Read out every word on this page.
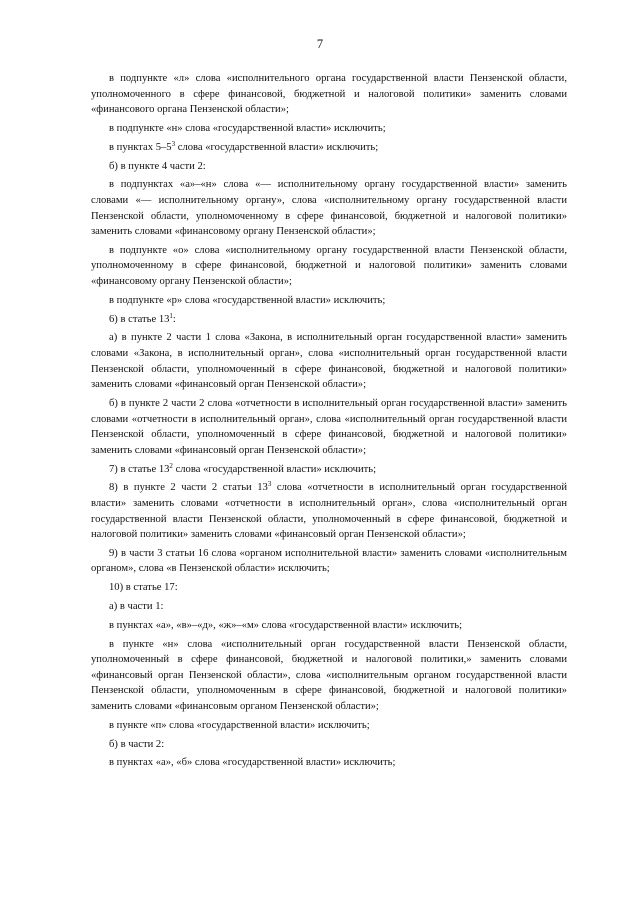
7

в подпункте «л» слова «исполнительного органа государственной власти Пензенской области, уполномоченного в сфере финансовой, бюджетной и налоговой политики» заменить словами «финансового органа Пензенской области»;

в подпункте «н» слова «государственной власти» исключить;

в пунктах $5-5^3$ слова «государственной власти» исключить;

б) в пункте 4 части 2:

в подпунктах «а»–«н» слова «— исполнительному органу государственной власти» заменить словами «— исполнительному органу», слова «исполнительному органу государственной власти Пензенской области, уполномоченному в сфере финансовой, бюджетной и налоговой политики» заменить словами «финансовому органу Пензенской области»;

в подпункте «о» слова «исполнительному органу государственной власти Пензенской области, уполномоченному в сфере финансовой, бюджетной и налоговой политики» заменить словами «финансовому органу Пензенской области»;

в подпункте «р» слова «государственной власти» исключить;

6) в статье $13^1$:

а) в пункте 2 части 1 слова «Закона, в исполнительный орган государственной власти» заменить словами «Закона, в исполнительный орган», слова «исполнительный орган государственной власти Пензенской области, уполномоченный в сфере финансовой, бюджетной и налоговой политики» заменить словами «финансовый орган Пензенской области»;

б) в пункте 2 части 2 слова «отчетности в исполнительный орган государственной власти» заменить словами «отчетности в исполнительный орган», слова «исполнительный орган государственной власти Пензенской области, уполномоченный в сфере финансовой, бюджетной и налоговой политики» заменить словами «финансовый орган Пензенской области»;

7) в статье $13^2$ слова «государственной власти» исключить;

8) в пункте 2 части 2 статьи $13^3$ слова «отчетности в исполнительный орган государственной власти» заменить словами «отчетности в исполнительный орган», слова «исполнительный орган государственной власти Пензенской области, уполномоченный в сфере финансовой, бюджетной и налоговой политики» заменить словами «финансовый орган Пензенской области»;

9) в части 3 статьи 16 слова «органом исполнительной власти» заменить словами «исполнительным органом», слова «в Пензенской области» исключить;

10) в статье 17:

а) в части 1:

в пунктах «а», «в»–«д», «ж»–«м» слова «государственной власти» исключить;

в пункте «н» слова «исполнительный орган государственной власти Пензенской области, уполномоченный в сфере финансовой, бюджетной и налоговой политики,» заменить словами «финансовый орган Пензенской области», слова «исполнительным органом государственной власти Пензенской области, уполномоченным в сфере финансовой, бюджетной и налоговой политики» заменить словами «финансовым органом Пензенской области»;

в пункте «п» слова «государственной власти» исключить;

б) в части 2:

в пунктах «а», «б» слова «государственной власти» исключить;
